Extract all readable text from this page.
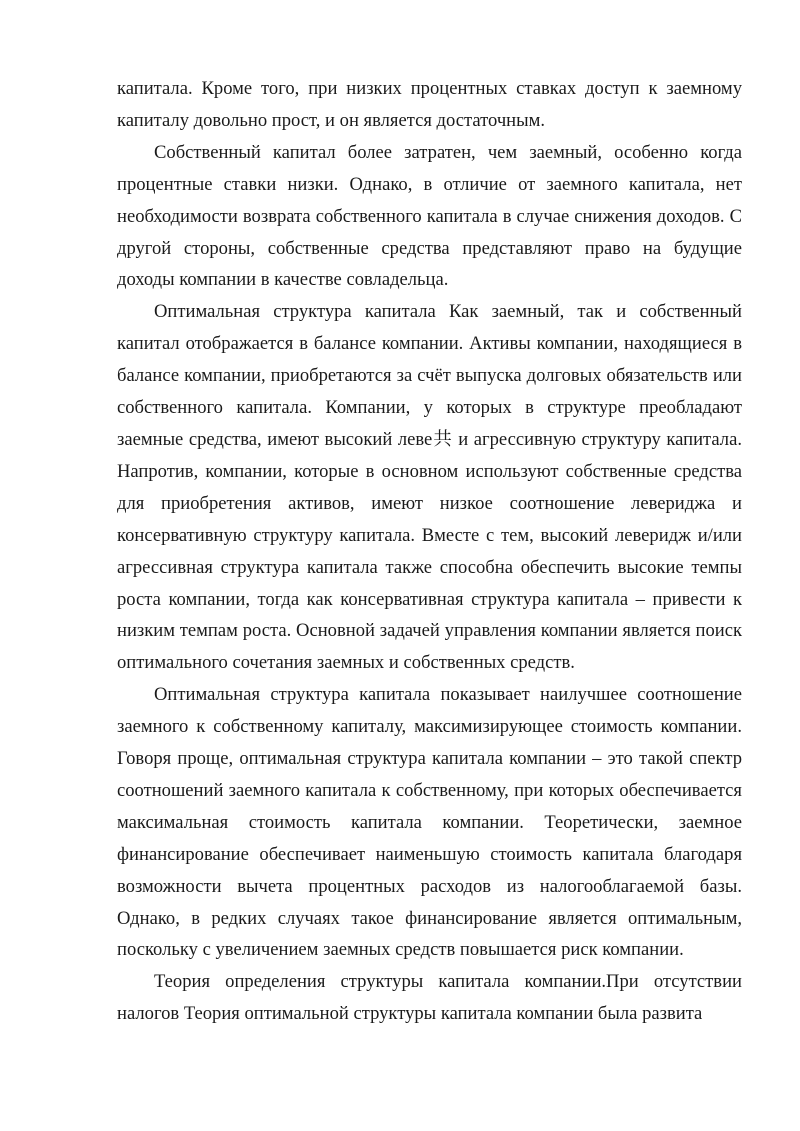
капитала. Кроме того, при низких процентных ставках доступ к заемному капиталу довольно прост, и он является достаточным.

Собственный капитал более затратен, чем заемный, особенно когда процентные ставки низки. Однако, в отличие от заемного капитала, нет необходимости возврата собственного капитала в случае снижения доходов. С другой стороны, собственные средства представляют право на будущие доходы компании в качестве совладельца.

Оптимальная структура капитала Как заемный, так и собственный капитал отображается в балансе компании. Активы компании, находящиеся в балансе компании, приобретаются за счёт выпуска долговых обязательств или собственного капитала. Компании, у которых в структуре преобладают заемные средства, имеют высокий леве共 и агрессивную структуру капитала. Напротив, компании, которые в основном используют собственные средства для приобретения активов, имеют низкое соотношение левериджа и консервативную структуру капитала. Вместе с тем, высокий леверидж и/или агрессивная структура капитала также способна обеспечить высокие темпы роста компании, тогда как консервативная структура капитала – привести к низким темпам роста. Основной задачей управления компании является поиск оптимального сочетания заемных и собственных средств.

Оптимальная структура капитала показывает наилучшее соотношение заемного к собственному капиталу, максимизирующее стоимость компании. Говоря проще, оптимальная структура капитала компании – это такой спектр соотношений заемного капитала к собственному, при которых обеспечивается максимальная стоимость капитала компании. Теоретически, заемное финансирование обеспечивает наименьшую стоимость капитала благодаря возможности вычета процентных расходов из налогооблагаемой базы. Однако, в редких случаях такое финансирование является оптимальным, поскольку с увеличением заемных средств повышается риск компании.

Теория определения структуры капитала компании.При отсутствии налогов Теория оптимальной структуры капитала компании была развита
